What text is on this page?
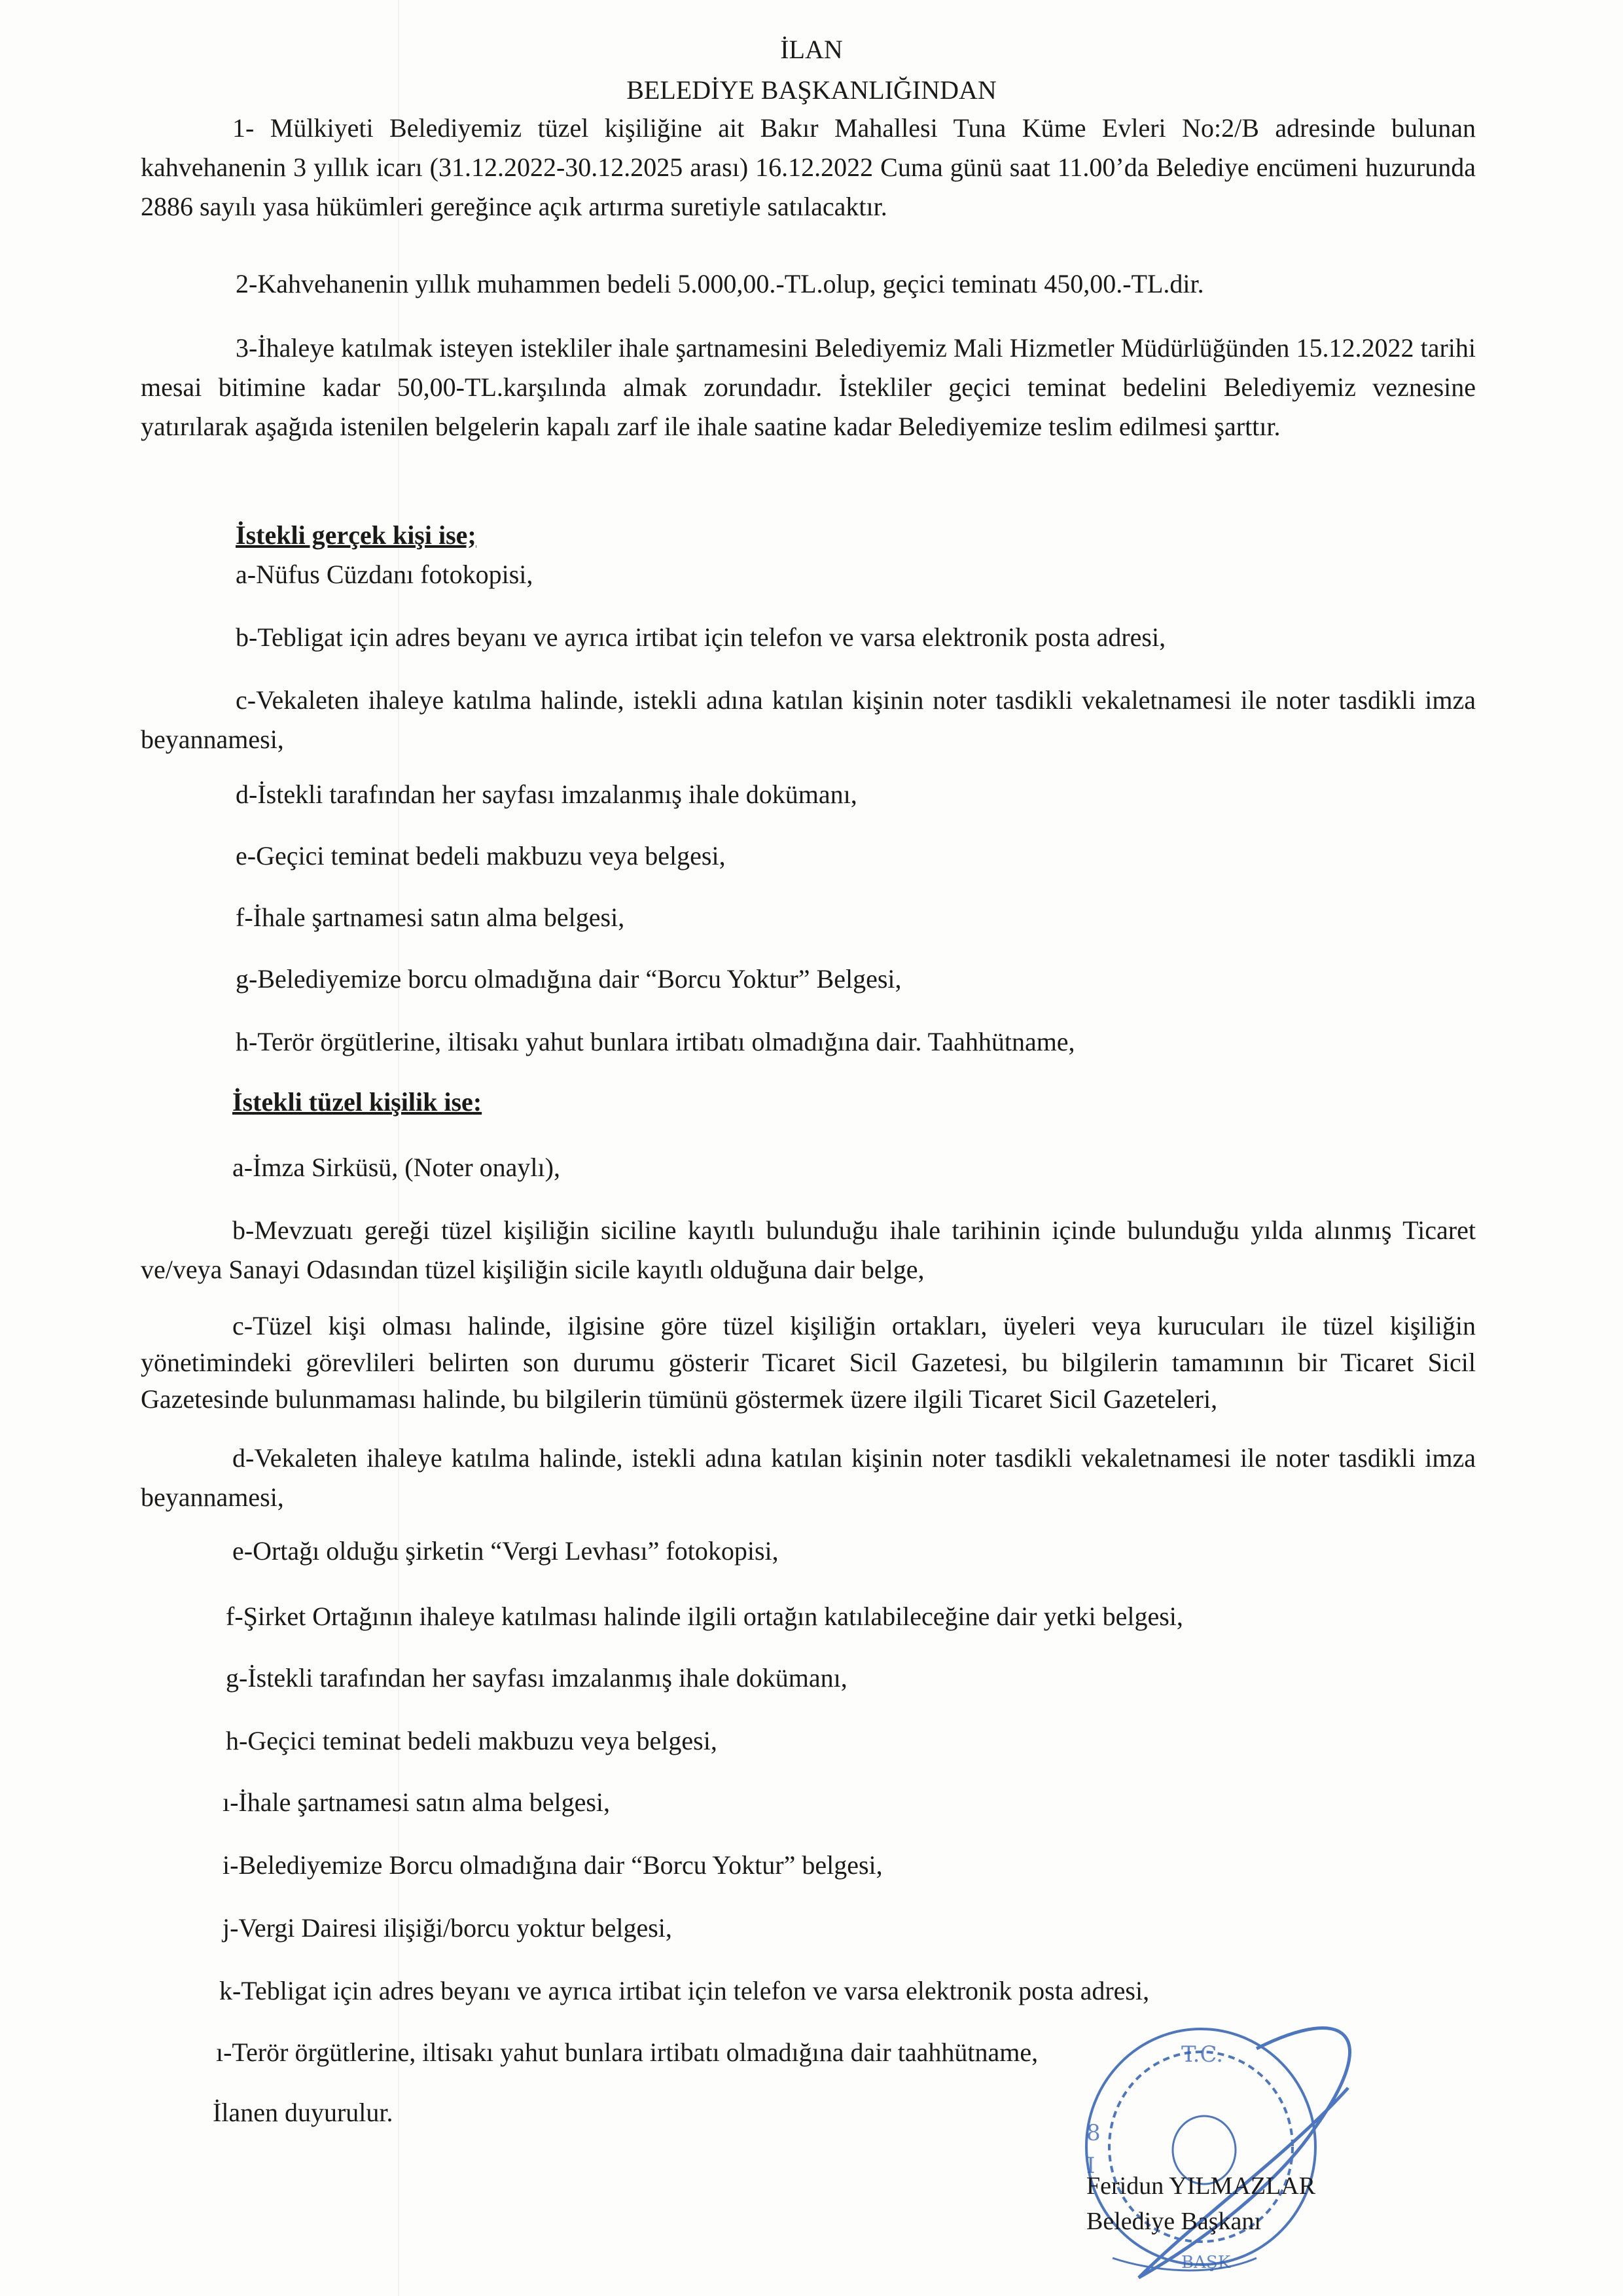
İLAN
BELEDİYE BAŞKANLIĞINDAN
1- Mülkiyeti Belediyemiz tüzel kişiliğine ait Bakır Mahallesi Tuna Küme Evleri No:2/B adresinde bulunan kahvehanenin 3 yıllık icarı (31.12.2022-30.12.2025 arası) 16.12.2022 Cuma günü saat 11.00’da Belediye encümeni huzurunda 2886 sayılı yasa hükümleri gereğince açık artırma suretiyle satılacaktır.
2-Kahvehanenin yıllık muhammen bedeli 5.000,00.-TL.olup, geçici teminatı 450,00.-TL.dir.
3-İhaleye katılmak isteyen istekliler ihale şartnamesini Belediyemiz Mali Hizmetler Müdürlüğünden 15.12.2022 tarihi mesai bitimine kadar 50,00-TL.karşılında almak zorundadır. İstekliler geçici teminat bedelini Belediyemiz veznesine yatırılarak aşağıda istenilen belgelerin kapalı zarf ile ihale saatine kadar Belediyemize teslim edilmesi şarttır.
İstekli gerçek kişi ise;
a-Nüfus Cüzdanı fotokopisi,
b-Tebligat için adres beyanı ve ayrıca irtibat için telefon ve varsa elektronik posta adresi,
c-Vekaleten ihaleye katılma halinde, istekli adına katılan kişinin noter tasdikli vekaletnamesi ile noter tasdikli imza beyannamesi,
d-İstekli tarafından her sayfası imzalanmış ihale dokümanı,
e-Geçici teminat bedeli makbuzu veya belgesi,
f-İhale şartnamesi satın alma belgesi,
g-Belediyemize borcu olmadığına dair “Borcu Yoktur” Belgesi,
h-Terör örgütlerine, iltisakı yahut bunlara irtibatı olmadığına dair. Taahhütname,
İstekli tüzel kişilik ise:
a-İmza Sirküsü, (Noter onaylı),
b-Mevzuatı gereği tüzel kişiliğin siciline kayıtlı bulunduğu ihale tarihinin içinde bulunduğu yılda alınmış Ticaret ve/veya Sanayi Odasından tüzel kişiliğin sicile kayıtlı olduğuna dair belge,
c-Tüzel kişi olması halinde, ilgisine göre tüzel kişiliğin ortakları, üyeleri veya kurucuları ile tüzel kişiliğin yönetimindeki görevlileri belirten son durumu gösterir Ticaret Sicil Gazetesi, bu bilgilerin tamamının bir Ticaret Sicil Gazetesinde bulunmaması halinde, bu bilgilerin tümünü göstermek üzere ilgili Ticaret Sicil Gazeteleri,
d-Vekaleten ihaleye katılma halinde, istekli adına katılan kişinin noter tasdikli vekaletnamesi ile noter tasdikli imza beyannamesi,
e-Ortağı olduğu şirketin “Vergi Levhası” fotokopisi,
f-Şirket Ortağının ihaleye katılması halinde ilgili ortağın katılabileceğine dair yetki belgesi,
g-İstekli tarafından her sayfası imzalanmış ihale dokümanı,
h-Geçici teminat bedeli makbuzu veya belgesi,
ı-İhale şartnamesi satın alma belgesi,
i-Belediyemize Borcu olmadığına dair “Borcu Yoktur” belgesi,
j-Vergi Dairesi ilişiği/borcu yoktur belgesi,
k-Tebligat için adres beyanı ve ayrıca irtibat için telefon ve varsa elektronik posta adresi,
ı-Terör örgütlerine, iltisakı yahut bunlara irtibatı olmadığına dair taahhütname,
İlanen duyurulur.
T.C.
8
I
BAŞK
Feridun YILMAZLAR
Belediye Başkanı
